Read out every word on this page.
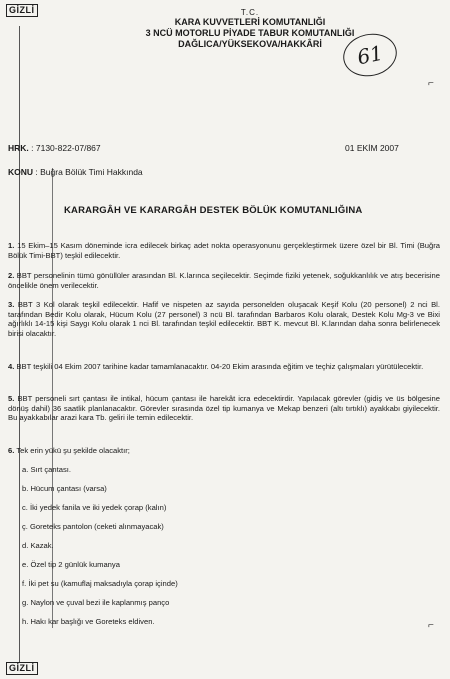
GİZLİ	T.C.
KARA KUVVETLERİ KOMUTANLIĞI
3 NCÜ MOTORLU PİYADE TABUR KOMUTANLIĞI
DAĞLICA/YÜKSEKOVA/HAKKÂRİ	61
⌐
⌐
HRK. : 7130-822-07/867	01 EKİM 2007
KONU : Buğra Bölük Timi Hakkında
KARARGÂH VE KARARGÂH DESTEK BÖLÜK KOMUTANLIĞINA
1. 15 Ekim–15 Kasım döneminde icra edilecek birkaç adet nokta operasyonunu gerçekleştirmek üzere özel bir Bl. Timi (Buğra Bölük Timi-BBT) teşkil edilecektir.
2. BBT personelinin tümü gönüllüler arasından Bl. K.larınca seçilecektir. Seçimde fiziki yetenek, soğukkanlılık ve atış becerisine öncelikle önem verilecektir.
3. BBT 3 Kol olarak teşkil edilecektir. Hafif ve nispeten az sayıda personelden oluşacak Keşif Kolu (20 personel) 2 nci Bl. tarafından Bedir Kolu olarak, Hücum Kolu (27 personel) 3 ncü Bl. tarafından Barbaros Kolu olarak, Destek Kolu Mg-3 ve Bixi ağırlıklı 14-15 kişi Saygı Kolu olarak 1 nci Bl. tarafından teşkil edilecektir. BBT K. mevcut Bl. K.larından daha sonra belirlenecek birisi olacaktır.
4. BBT teşkili 04 Ekim 2007 tarihine kadar tamamlanacaktır. 04-20 Ekim arasında eğitim ve teçhiz çalışmaları yürütülecektir.
5. BBT personeli sırt çantası ile intikal, hücum çantası ile harekât icra edecektirdir. Yapılacak görevler (gidiş ve üs bölgesine dönüş dahil) 36 saatlik planlanacaktır. Görevler sırasında özel tip kumanya ve Mekap benzeri (altı tırtıklı) ayakkabı giyilecektir. Bu ayakkabılar arazi kara Tb. geliri ile temin edilecektir.
6. Tek erin yükü şu şekilde olacaktır;
a. Sırt çantası.
b. Hücum çantası (varsa)
c. İki yedek fanila ve iki yedek çorap (kalın)
ç. Goreteks pantolon (ceketi alınmayacak)
d. Kazak.
e. Özel tip 2 günlük kumanya
f. İki pet su (kamuflaj maksadıyla çorap içinde)
g. Naylon ve çuval bezi ile kaplanmış panço
h. Hakı kar başlığı ve Goreteks eldiven.
GİZLİ
